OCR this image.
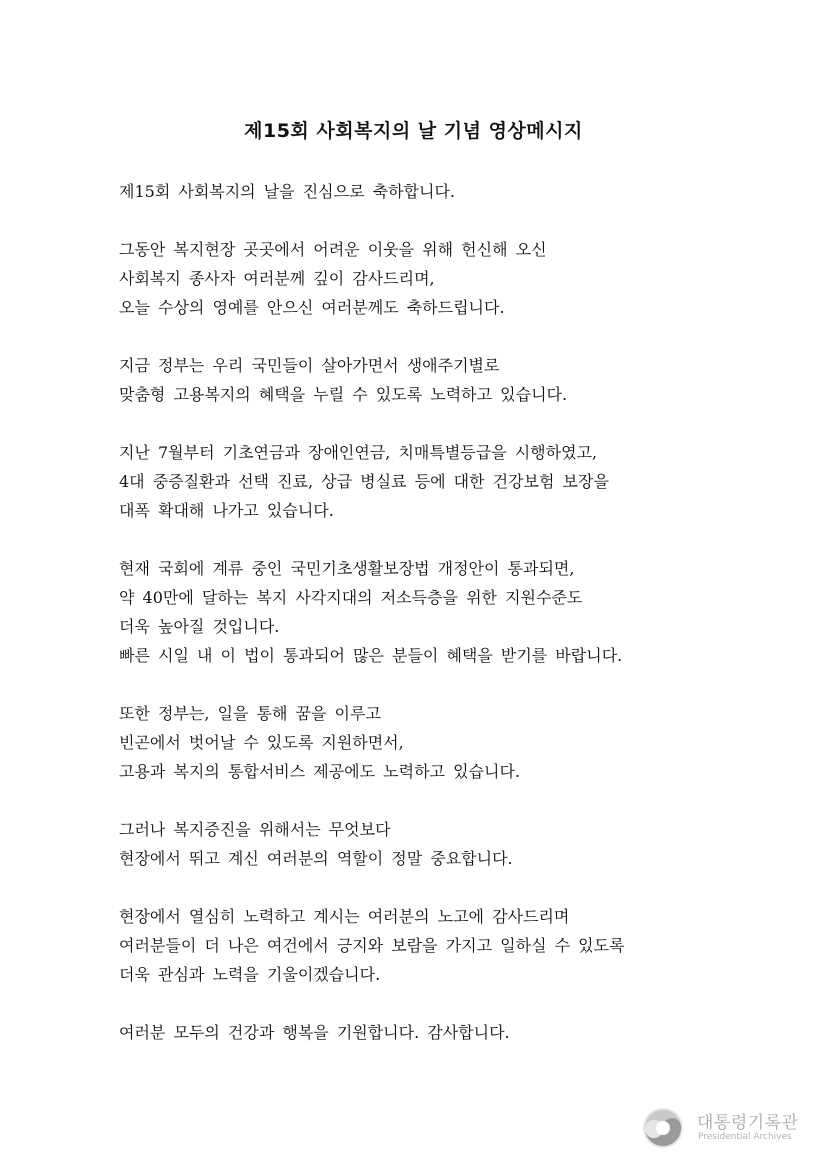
제15회 사회복지의 날 기념 영상메시지

제15회 사회복지의 날을 진심으로 축하합니다.

그동안 복지현장 곳곳에서 어려운 이웃을 위해 헌신해 오신
사회복지 종사자 여러분께 깊이 감사드리며,
오늘 수상의 영예를 안으신 여러분께도 축하드립니다.

지금 정부는 우리 국민들이 살아가면서 생애주기별로
맞춤형 고용복지의 혜택을 누릴 수 있도록 노력하고 있습니다.

지난 7월부터 기초연금과 장애인연금, 치매특별등급을 시행하였고,
4대 중증질환과 선택 진료, 상급 병실료 등에 대한 건강보험 보장을
대폭 확대해 나가고 있습니다.

현재 국회에 계류 중인 국민기초생활보장법 개정안이 통과되면,
약 40만에 달하는 복지 사각지대의 저소득층을 위한 지원수준도
더욱 높아질 것입니다.
빠른 시일 내 이 법이 통과되어 많은 분들이 혜택을 받기를 바랍니다.

또한 정부는, 일을 통해 꿈을 이루고
빈곤에서 벗어날 수 있도록 지원하면서,
고용과 복지의 통합서비스 제공에도 노력하고 있습니다.

그러나 복지증진을 위해서는 무엇보다
현장에서 뛰고 계신 여러분의 역할이 정말 중요합니다.

현장에서 열심히 노력하고 계시는 여러분의 노고에 감사드리며
여러분들이 더 나은 여건에서 긍지와 보람을 가지고 일하실 수 있도록
더욱 관심과 노력을 기울이겠습니다.

여러분 모두의 건강과 행복을 기원합니다. 감사합니다.

대통령기록관
Presidential Archives
